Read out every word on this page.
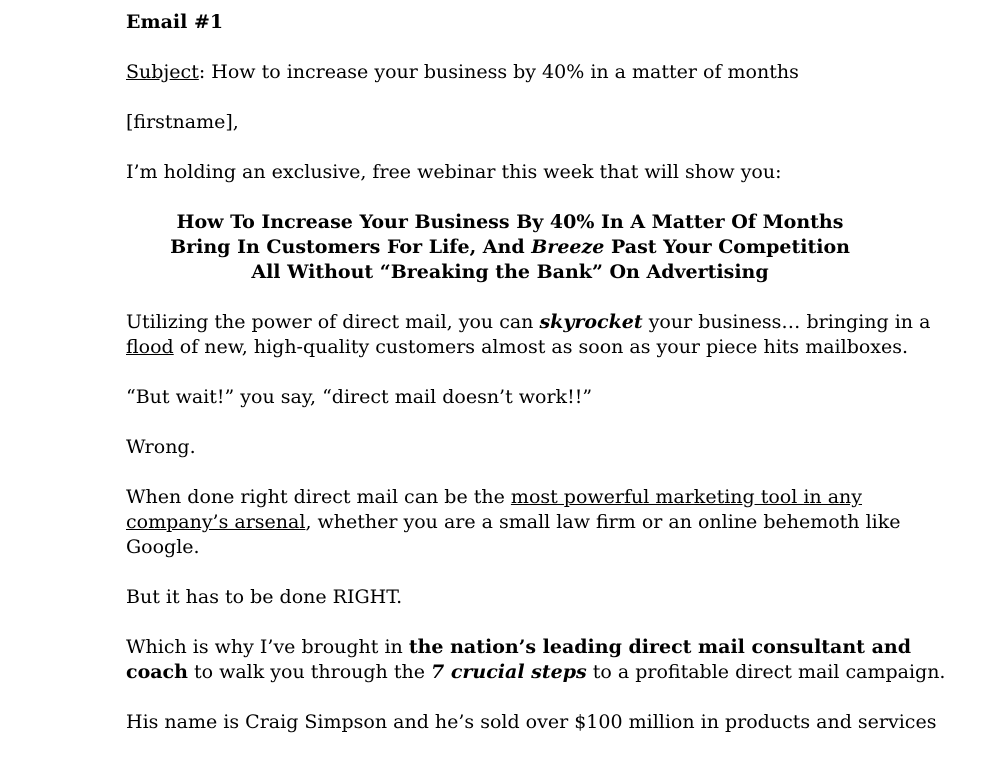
Email #1
Subject: How to increase your business by 40% in a matter of months
[firstname],
I’m holding an exclusive, free webinar this week that will show you:
How To Increase Your Business By 40% In A Matter Of Months
Bring In Customers For Life, And Breeze Past Your Competition
All Without “Breaking the Bank” On Advertising
Utilizing the power of direct mail, you can skyrocket your business… bringing in a
flood of new, high-quality customers almost as soon as your piece hits mailboxes.
“But wait!” you say, “direct mail doesn’t work!!”
Wrong.
When done right direct mail can be the most powerful marketing tool in any
company’s arsenal, whether you are a small law firm or an online behemoth like
Google.
But it has to be done RIGHT.
Which is why I’ve brought in the nation’s leading direct mail consultant and
coach to walk you through the 7 crucial steps to a profitable direct mail campaign.
His name is Craig Simpson and he’s sold over $100 million in products and services
